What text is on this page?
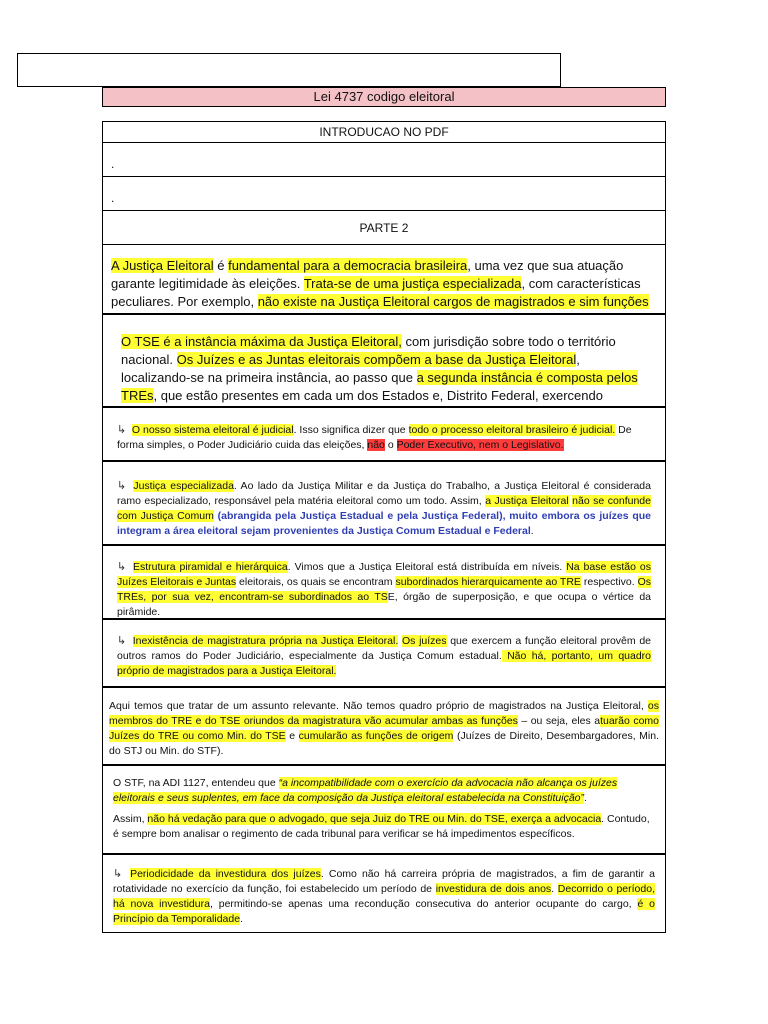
Lei 4737 codigo eleitoral
INTRODUCAO NO PDF
.
.
PARTE 2

A Justiça Eleitoral é fundamental para a democracia brasileira, uma vez que sua atuação garante legitimidade às eleições. Trata-se de uma justiça especializada, com características peculiares. Por exemplo, não existe na Justiça Eleitoral cargos de magistrados e sim funções

O TSE é a instância máxima da Justiça Eleitoral, com jurisdição sobre todo o território nacional. Os Juízes e as Juntas eleitorais compõem a base da Justiça Eleitoral, localizando-se na primeira instância, ao passo que a segunda instância é composta pelos TREs, que estão presentes em cada um dos Estados e, Distrito Federal, exercendo

↳ O nosso sistema eleitoral é judicial. Isso significa dizer que todo o processo eleitoral brasileiro é judicial. De forma simples, o Poder Judiciário cuida das eleições, não o Poder Executivo, nem o Legislativo.

↳ Justiça especializada. Ao lado da Justiça Militar e da Justiça do Trabalho, a Justiça Eleitoral é considerada ramo especializado, responsável pela matéria eleitoral como um todo. Assim, a Justiça Eleitoral não se confunde com Justiça Comum (abrangida pela Justiça Estadual e pela Justiça Federal), muito embora os juízes que integram a área eleitoral sejam provenientes da Justiça Comum Estadual e Federal.

↳ Estrutura piramidal e hierárquica. Vimos que a Justiça Eleitoral está distribuída em níveis. Na base estão os Juízes Eleitorais e Juntas eleitorais, os quais se encontram subordinados hierarquicamente ao TRE respectivo. Os TREs, por sua vez, encontram-se subordinados ao TSE, órgão de superposição, e que ocupa o vértice da pirâmide.

↳ Inexistência de magistratura própria na Justiça Eleitoral. Os juízes que exercem a função eleitoral provêm de outros ramos do Poder Judiciário, especialmente da Justiça Comum estadual. Não há, portanto, um quadro próprio de magistrados para a Justiça Eleitoral.

Aqui temos que tratar de um assunto relevante. Não temos quadro próprio de magistrados na Justiça Eleitoral, os membros do TRE e do TSE oriundos da magistratura vão acumular ambas as funções – ou seja, eles atuarão como Juízes do TRE ou como Min. do TSE e cumularão as funções de origem (Juízes de Direito, Desembargadores, Min. do STJ ou Min. do STF).

O STF, na ADI 1127, entendeu que “a incompatibilidade com o exercício da advocacia não alcança os juízes eleitorais e seus suplentes, em face da composição da Justiça eleitoral estabelecida na Constituição”.

Assim, não há vedação para que o advogado, que seja Juiz do TRE ou Min. do TSE, exerça a advocacia. Contudo, é sempre bom analisar o regimento de cada tribunal para verificar se há impedimentos específicos.

↳ Periodicidade da investidura dos juízes. Como não há carreira própria de magistrados, a fim de garantir a rotatividade no exercício da função, foi estabelecido um período de investidura de dois anos. Decorrido o período, há nova investidura, permitindo-se apenas uma recondução consecutiva do anterior ocupante do cargo, é o Princípio da Temporalidade.
